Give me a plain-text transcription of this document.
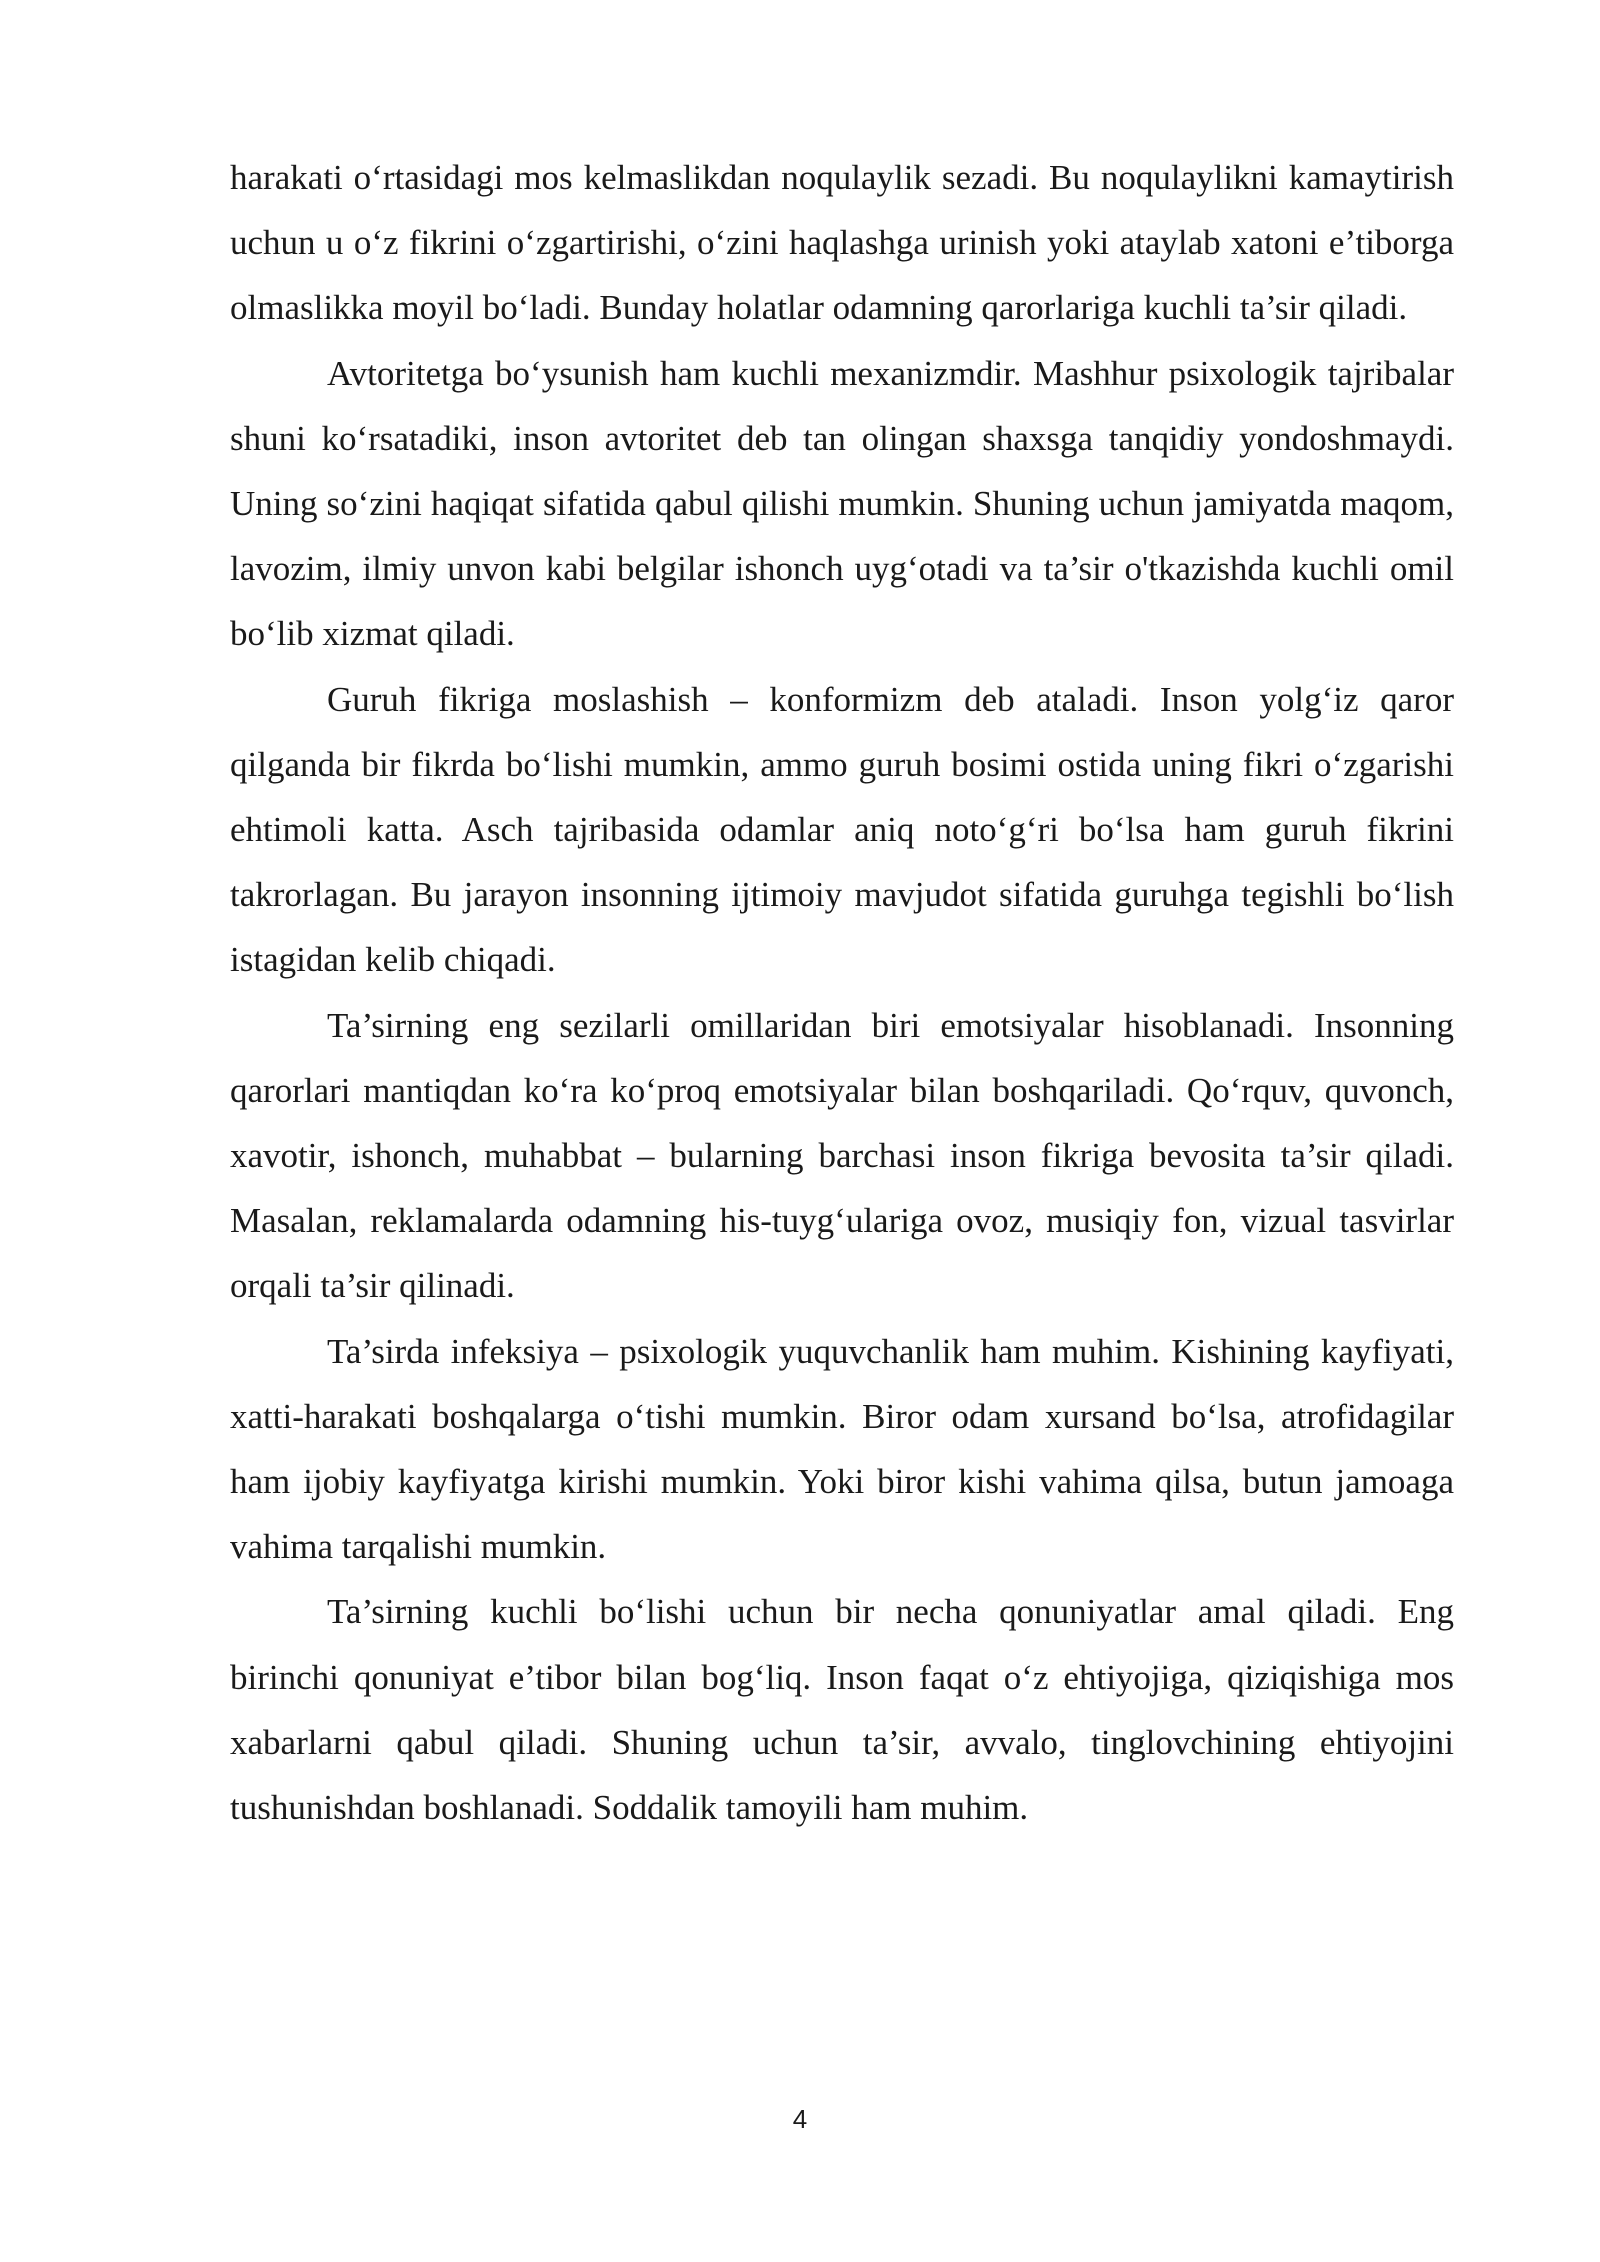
harakati o‘rtasidagi mos kelmaslikdan noqulaylik sezadi. Bu noqulaylikni kamaytirish uchun u o‘z fikrini o‘zgartirishi, o‘zini haqlashga urinish yoki ataylab xatoni e’tiborga olmaslikka moyil bo‘ladi. Bunday holatlar odamning qarorlariga kuchli ta’sir qiladi.

Avtoritetga bo‘ysunish ham kuchli mexanizmdir. Mashhur psixologik tajribalar shuni ko‘rsatadiki, inson avtoritet deb tan olingan shaxsga tanqidiy yondoshmaydi. Uning so‘zini haqiqat sifatida qabul qilishi mumkin. Shuning uchun jamiyatda maqom, lavozim, ilmiy unvon kabi belgilar ishonch uyg‘otadi va ta’sir o'tkazishda kuchli omil bo‘lib xizmat qiladi.

Guruh fikriga moslashish – konformizm deb ataladi. Inson yolg‘iz qaror qilganda bir fikrda bo‘lishi mumkin, ammo guruh bosimi ostida uning fikri o‘zgarishi ehtimoli katta. Asch tajribasida odamlar aniq noto‘g‘ri bo‘lsa ham guruh fikrini takrorlagan. Bu jarayon insonning ijtimoiy mavjudot sifatida guruhga tegishli bo‘lish istagidan kelib chiqadi.

Ta’sirning eng sezilarli omillaridan biri emotsiyalar hisoblanadi. Insonning qarorlari mantiqdan ko‘ra ko‘proq emotsiyalar bilan boshqariladi. Qo‘rquv, quvonch, xavotir, ishonch, muhabbat – bularning barchasi inson fikriga bevosita ta’sir qiladi. Masalan, reklamalarda odamning his-tuyg‘ulariga ovoz, musiqiy fon, vizual tasvirlar orqali ta’sir qilinadi.

Ta’sirda infeksiya – psixologik yuquvchanlik ham muhim. Kishining kayfiyati, xatti-harakati boshqalarga o‘tishi mumkin. Biror odam xursand bo‘lsa, atrofidagilar ham ijobiy kayfiyatga kirishi mumkin. Yoki biror kishi vahima qilsa, butun jamoaga vahima tarqalishi mumkin.

Ta’sirning kuchli bo‘lishi uchun bir necha qonuniyatlar amal qiladi. Eng birinchi qonuniyat e’tibor bilan bog‘liq. Inson faqat o‘z ehtiyojiga, qiziqishiga mos xabarlarni qabul qiladi. Shuning uchun ta’sir, avvalo, tinglovchining ehtiyojini tushunishdan boshlanadi. Soddalik tamoyili ham muhim.

4
